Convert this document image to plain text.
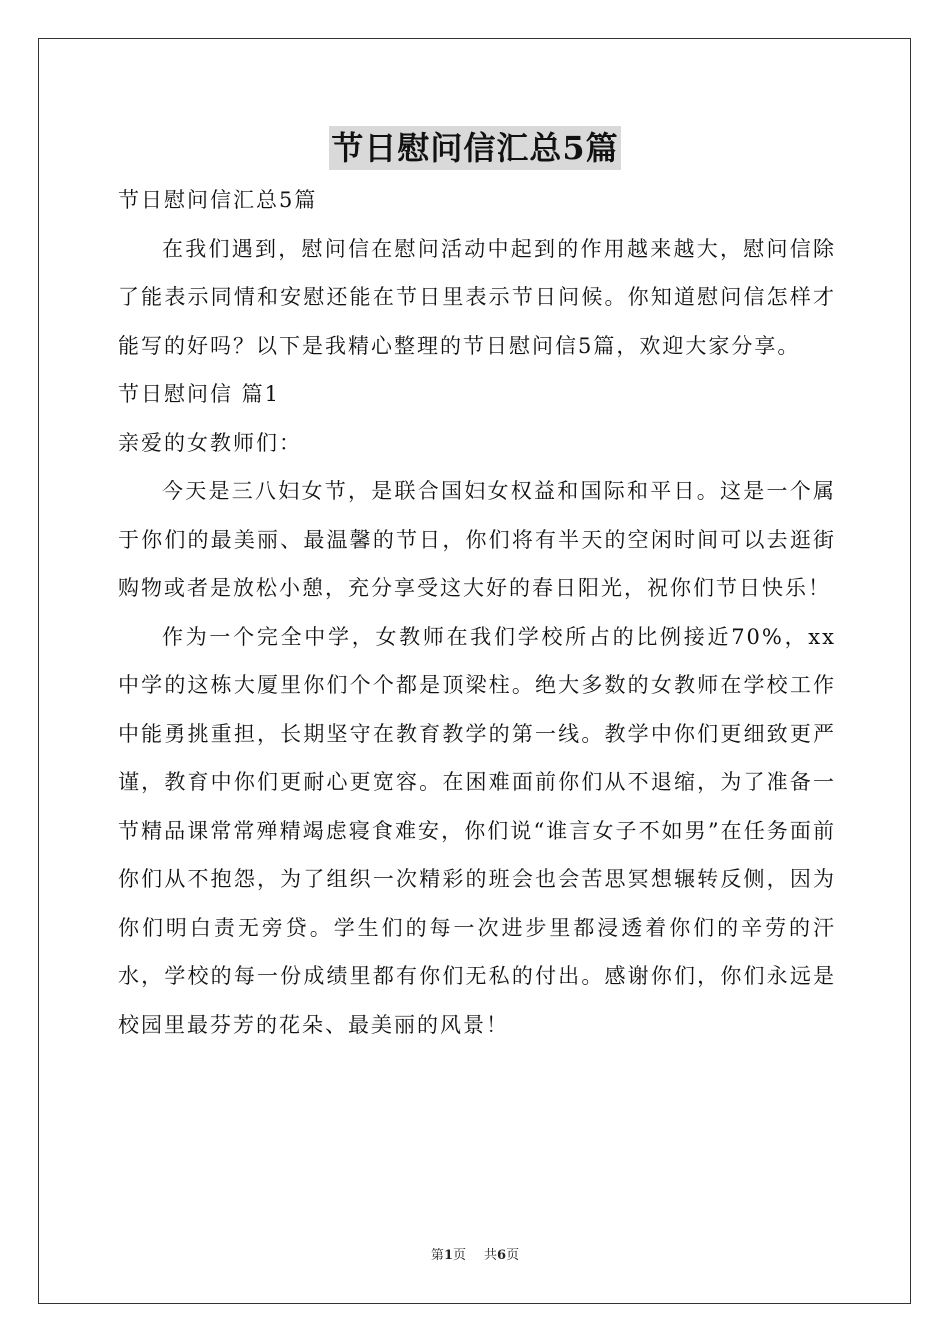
节日慰问信汇总5篇

节日慰问信汇总5篇

在我们遇到，慰问信在慰问活动中起到的作用越来越大，慰问信除了能表示同情和安慰还能在节日里表示节日问候。你知道慰问信怎样才能写的好吗？以下是我精心整理的节日慰问信5篇，欢迎大家分享。

节日慰问信 篇1

亲爱的女教师们：

今天是三八妇女节，是联合国妇女权益和国际和平日。这是一个属于你们的最美丽、最温馨的节日，你们将有半天的空闲时间可以去逛街购物或者是放松小憩，充分享受这大好的春日阳光，祝你们节日快乐！

作为一个完全中学，女教师在我们学校所占的比例接近70%，xx中学的这栋大厦里你们个个都是顶梁柱。绝大多数的女教师在学校工作中能勇挑重担，长期坚守在教育教学的第一线。教学中你们更细致更严谨，教育中你们更耐心更宽容。在困难面前你们从不退缩，为了准备一节精品课常常殚精竭虑寝食难安，你们说“谁言女子不如男”在任务面前你们从不抱怨，为了组织一次精彩的班会也会苦思冥想辗转反侧，因为你们明白责无旁贷。学生们的每一次进步里都浸透着你们的辛劳的汗水，学校的每一份成绩里都有你们无私的付出。感谢你们，你们永远是校园里最芬芳的花朵、最美丽的风景！

第1页 共6页
